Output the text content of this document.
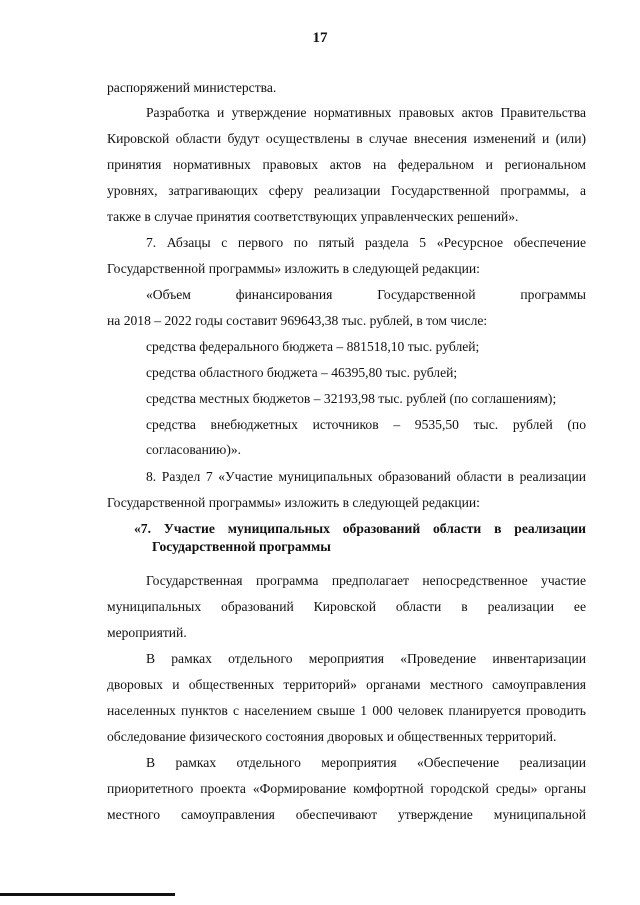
17
распоряжений министерства.
Разработка и утверждение нормативных правовых актов Правительства
Кировской области будут осуществлены в случае внесения изменений и (или)
принятия нормативных правовых актов на федеральном и региональном
уровнях, затрагивающих сферу реализации Государственной программы, а
также в случае принятия соответствующих управленческих решений».
7. Абзацы с первого по пятый раздела 5 «Ресурсное обеспечение
Государственной программы» изложить в следующей редакции:
«Объем финансирования Государственной программы
на 2018 – 2022 годы составит 969643,38 тыс. рублей, в том числе:
средства федерального бюджета – 881518,10 тыс. рублей;
средства областного бюджета – 46395,80 тыс. рублей;
средства местных бюджетов – 32193,98 тыс. рублей (по соглашениям);
средства внебюджетных источников – 9535,50 тыс. рублей (по
согласованию)».
8. Раздел 7 «Участие муниципальных образований области в реализации
Государственной программы» изложить в следующей редакции:
«7. Участие муниципальных образований области в реализации
Государственной программы
Государственная программа предполагает непосредственное участие
муниципальных образований Кировской области в реализации ее
мероприятий.
В рамках отдельного мероприятия «Проведение инвентаризации
дворовых и общественных территорий» органами местного самоуправления
населенных пунктов с населением свыше 1 000 человек планируется проводить
обследование физического состояния дворовых и общественных территорий.
В рамках отдельного мероприятия «Обеспечение реализации
приоритетного проекта «Формирование комфортной городской среды» органы
местного самоуправления обеспечивают утверждение муниципальной
